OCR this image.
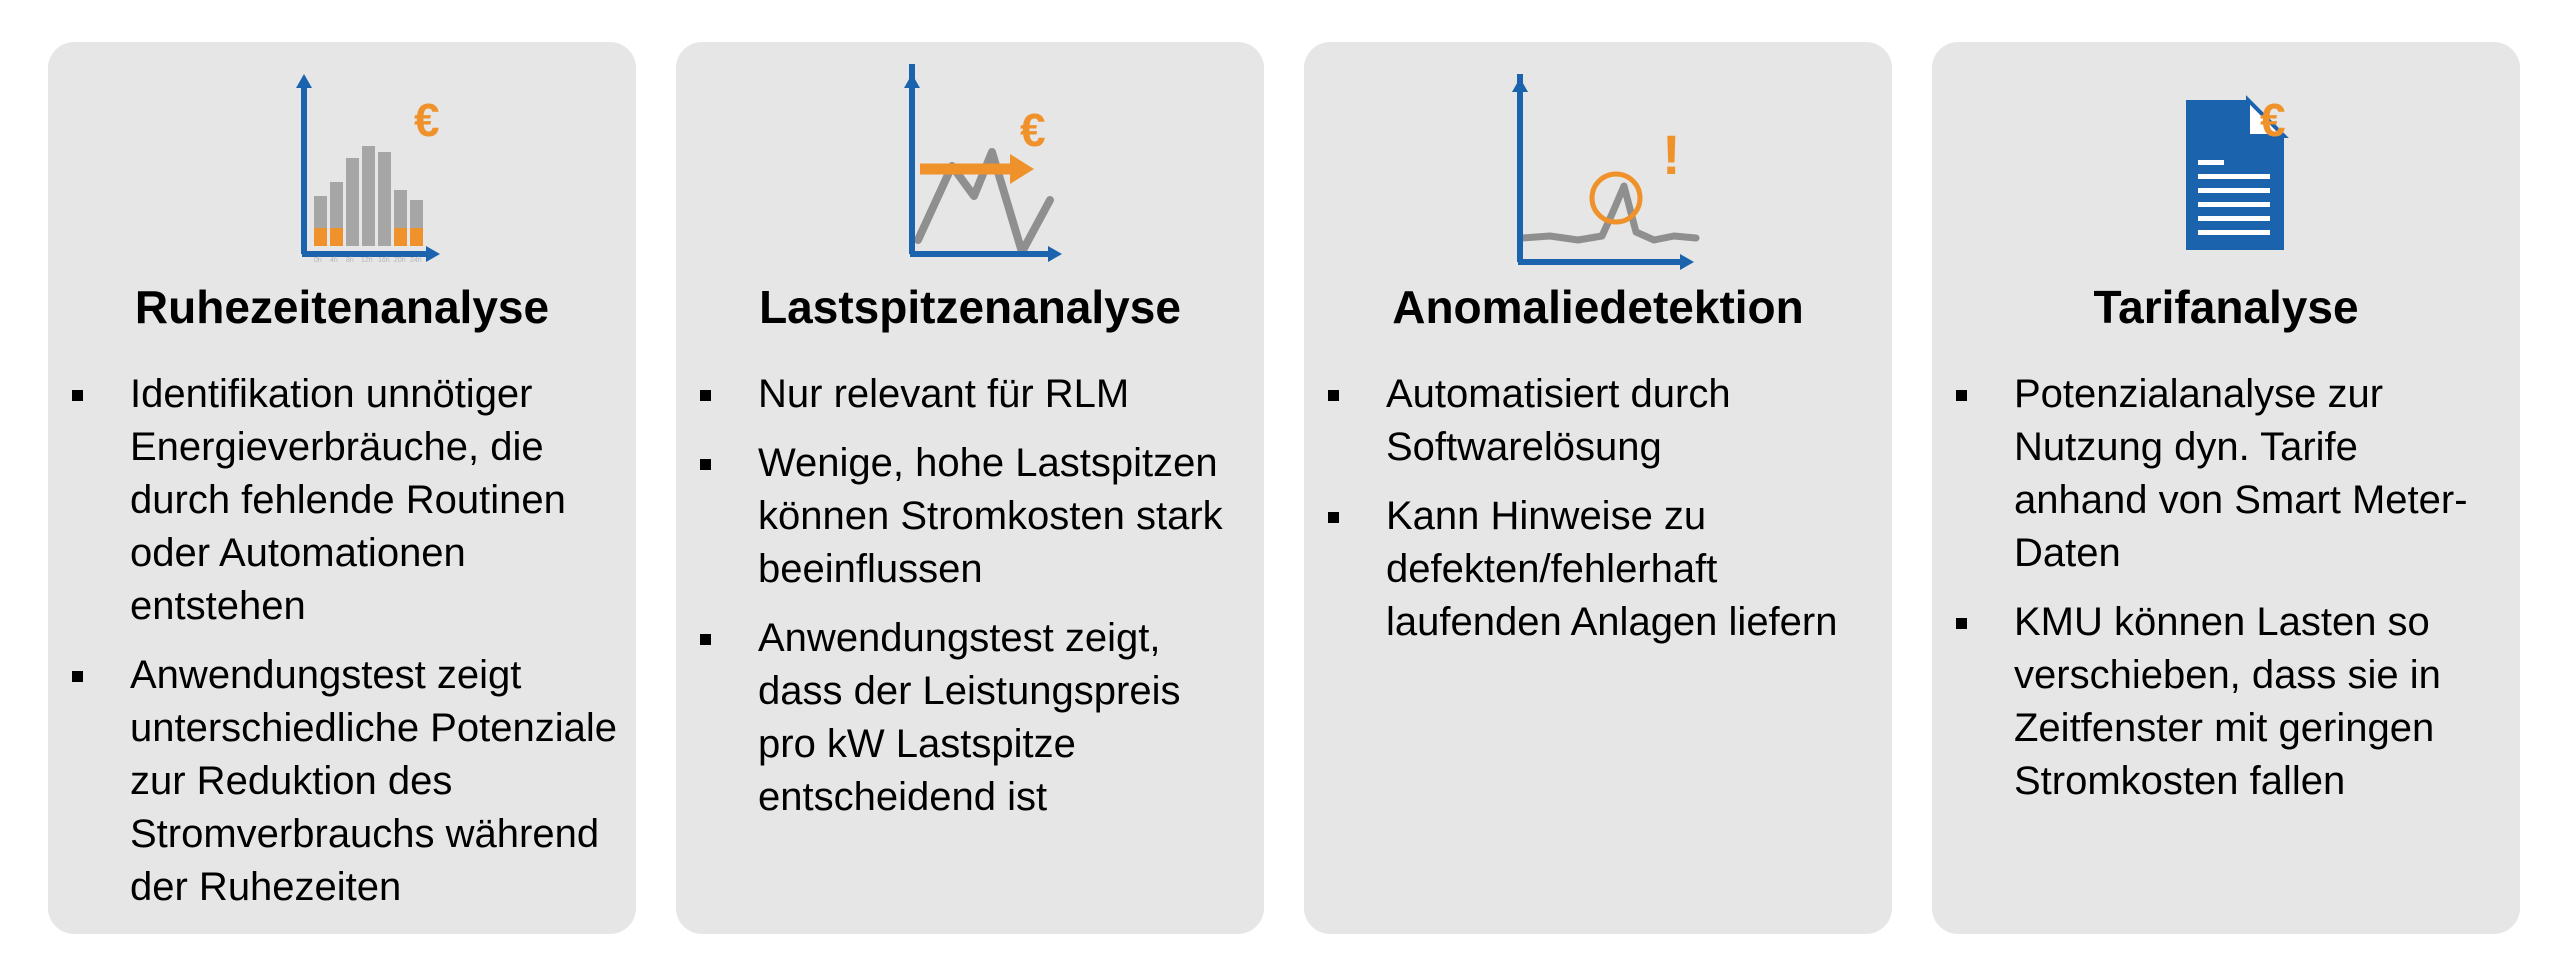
€
0h 4h 8h 12h 16h 20h 24h
Ruhezeitenanalyse
Identifikation unnötiger Energieverbräuche, die durch fehlende Routinen oder Automationen entstehen
Anwendungstest zeigt unterschiedliche Potenziale zur Reduktion des Stromverbrauchs während der Ruhezeiten
€
Lastspitzenanalyse
Nur relevant für RLM
Wenige, hohe Lastspitzen können Stromkosten stark beeinflussen
Anwendungstest zeigt, dass der Leistungspreis pro kW Lastspitze entscheidend ist
!
Anomaliedetektion
Automatisiert durch Softwarelösung
Kann Hinweise zu defekten/fehlerhaft laufenden Anlagen liefern
€
Tarifanalyse
Potenzialanalyse zur Nutzung dyn. Tarife anhand von Smart Meter-Daten
KMU können Lasten so verschieben, dass sie in Zeitfenster mit geringen Stromkosten fallen
